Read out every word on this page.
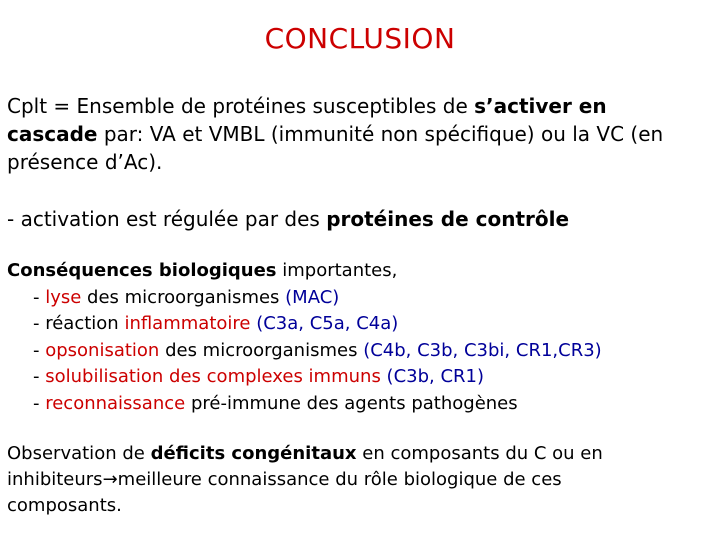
CONCLUSION
Cplt = Ensemble de protéines susceptibles de s’activer en
cascade par: VA et VMBL (immunité non spécifique) ou la VC (en
présence d’Ac).
- activation est régulée par des protéines de contrôle
Conséquences biologiques importantes,
- lyse des microorganismes (MAC)
- réaction inflammatoire (C3a, C5a, C4a)
- opsonisation des microorganismes (C4b, C3b, C3bi, CR1,CR3)
- solubilisation des complexes immuns (C3b, CR1)
- reconnaissance pré-immune des agents pathogènes
Observation de déficits congénitaux en composants du C ou en
inhibiteurs→meilleure connaissance du rôle biologique de ces
composants.
